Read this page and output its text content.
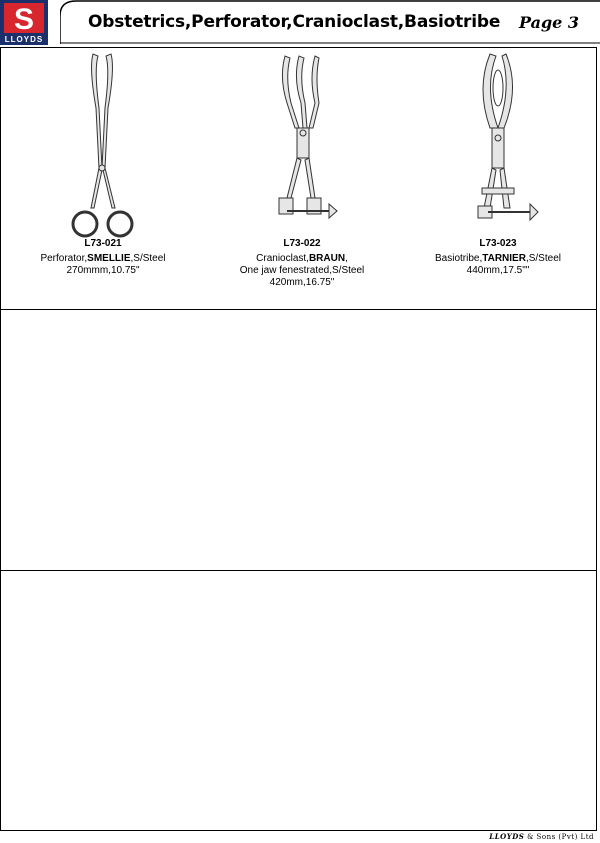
S
LLOYDS
Obstetrics,Perforator,Cranioclast,Basiotribe Page 3
L73-021
Perforator,SMELLIE,S/Steel
270mmm,10.75"
L73-022
Cranioclast,BRAUN,
One jaw fenestrated,S/Steel
420mm,16.75"
L73-023
Basiotribe,TARNIER,S/Steel
440mm,17.5""
LLOYDS & Sons (Pvt) Ltd
